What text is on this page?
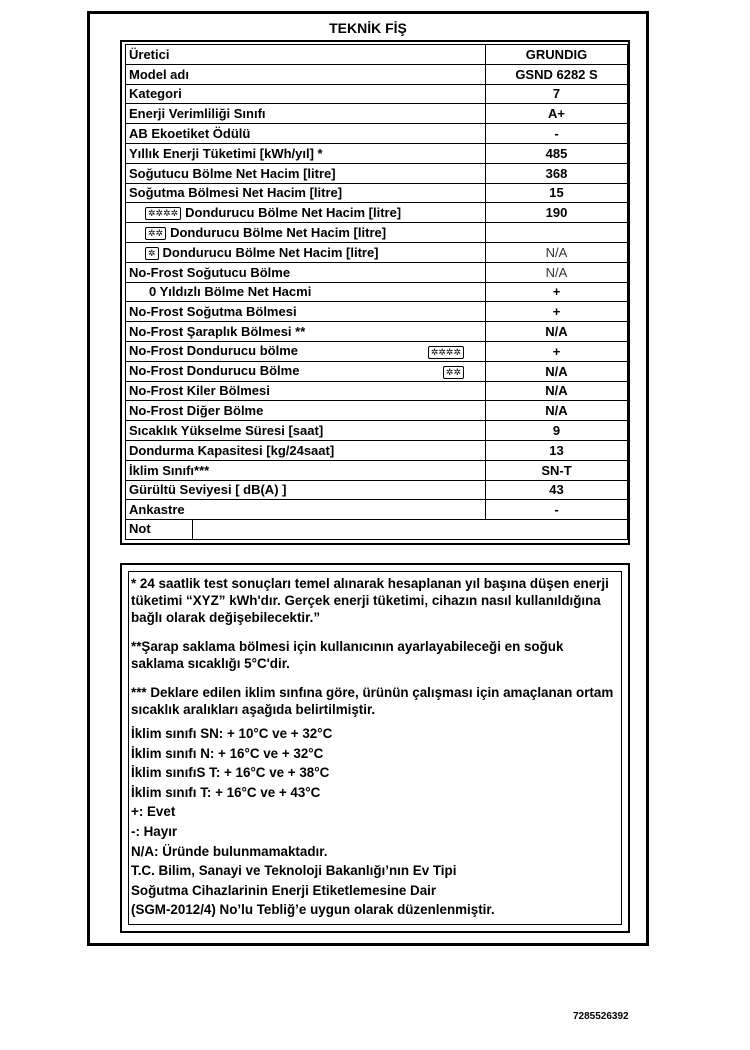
TEKNİK FİŞ
Üretici	GRUNDIG
Model adı	GSND 6282 S
Kategori	7
Enerji Verimliliği Sınıfı	A+
AB Ekoetiket Ödülü	-
Yıllık Enerji Tüketimi [kWh/yıl] *	485
Soğutucu Bölme Net Hacim [litre]	368
Soğutma Bölmesi Net Hacim [litre]	15
✲✲✲✲ Dondurucu Bölme Net Hacim [litre]	190
✲✲ Dondurucu Bölme Net Hacim [litre]	
✲ Dondurucu Bölme Net Hacim [litre]	N/A
No-Frost Soğutucu Bölme	N/A
0 Yıldızlı Bölme Net Hacmi	+
No-Frost Soğutma Bölmesi	+
No-Frost Şaraplık Bölmesi **	N/A
No-Frost Dondurucu bölme ✲✲✲✲	+
No-Frost Dondurucu Bölme ✲✲	N/A
No-Frost Kiler Bölmesi	N/A
No-Frost Diğer Bölme	N/A
Sıcaklık Yükselme Süresi [saat]	9
Dondurma Kapasitesi [kg/24saat]	13
İklim Sınıfı***	SN-T
Gürültü Seviyesi [ dB(A) ]	43
Ankastre	-

Not	

* 24 saatlik test sonuçları temel alınarak hesaplanan yıl başına düşen enerji tüketimi “XYZ” kWh'dır. Gerçek enerji tüketimi, cihazın nasıl kullanıldığına bağlı olarak değişebilecektir.”

**Şarap saklama bölmesi için kullanıcının ayarlayabileceği en soğuk saklama sıcaklığı 5°C'dir.

*** Deklare edilen iklim sınfına göre, ürünün çalışması için amaçlanan ortam sıcaklık aralıkları aşağıda belirtilmiştir.

İklim sınıfı SN: + 10°C ve + 32°C
İklim sınıfı N: + 16°C ve + 32°C
İklim sınıfıS T: + 16°C ve + 38°C
İklim sınıfı T: + 16°C ve + 43°C
+: Evet
-: Hayır
N/A: Üründe bulunmamaktadır.
T.C. Bilim, Sanayi ve Teknoloji Bakanlığı’nın Ev Tipi
Soğutma Cihazlarinin Enerji Etiketlemesine Dair
(SGM-2012/4) No’lu Tebliğ’e uygun olarak düzenlenmiştir.
7285526392
